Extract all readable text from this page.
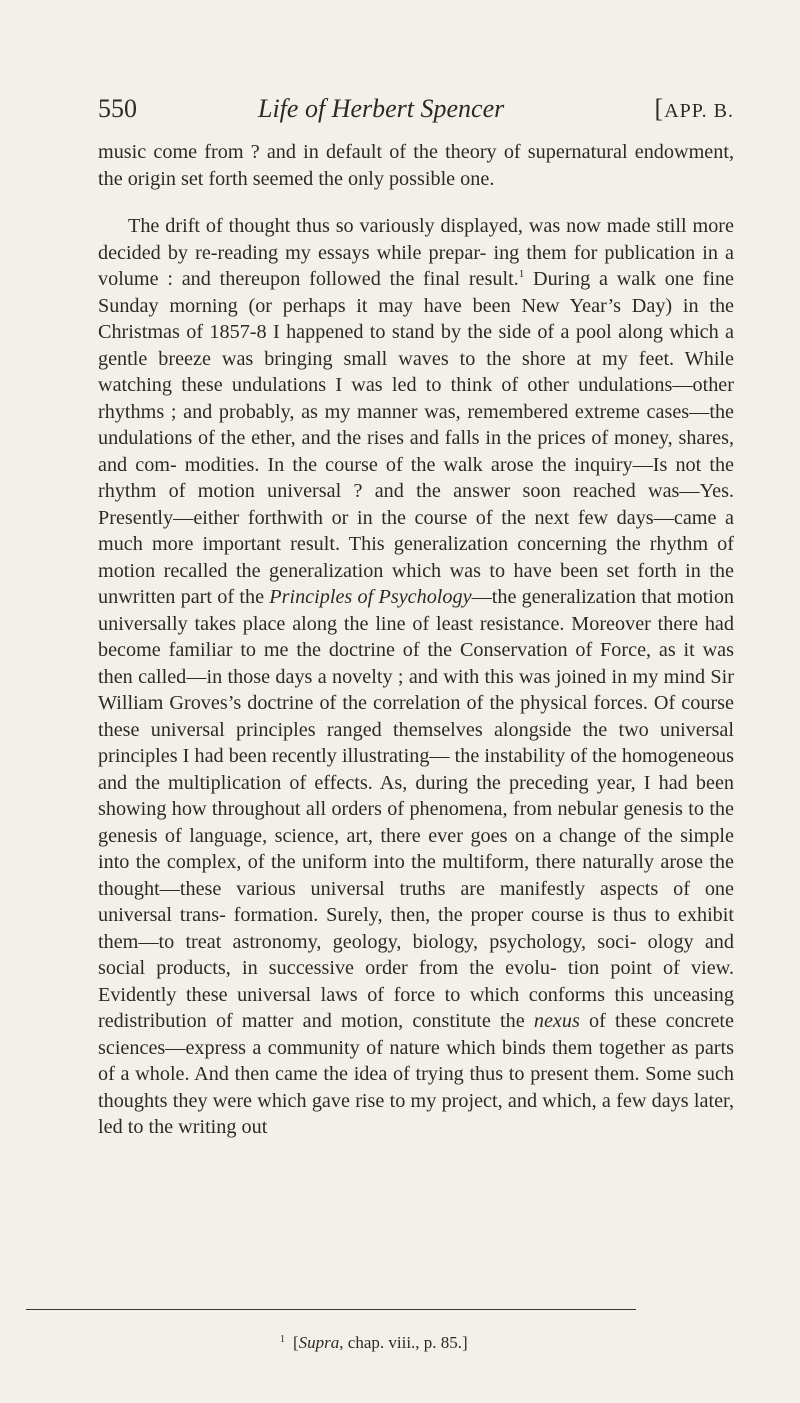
550	Life of Herbert Spencer	[APP. B.

music come from ? and in default of the theory of supernatural endowment, the origin set forth seemed the only possible one.

The drift of thought thus so variously displayed, was now made still more decided by re-reading my essays while prepar- ing them for publication in a volume : and thereupon followed the final result.$^1$ During a walk one fine Sunday morning (or perhaps it may have been New Year’s Day) in the Christmas of 1857-8 I happened to stand by the side of a pool along which a gentle breeze was bringing small waves to the shore at my feet. While watching these undulations I was led to think of other undulations—other rhythms ; and probably, as my manner was, remembered extreme cases—the undulations of the ether, and the rises and falls in the prices of money, shares, and com- modities. In the course of the walk arose the inquiry—Is not the rhythm of motion universal ? and the answer soon reached was—Yes. Presently—either forthwith or in the course of the next few days—came a much more important result. This generalization concerning the rhythm of motion recalled the generalization which was to have been set forth in the unwritten part of the Principles of Psychology—the generalization that motion universally takes place along the line of least resistance. Moreover there had become familiar to me the doctrine of the Conservation of Force, as it was then called—in those days a novelty ; and with this was joined in my mind Sir William Groves’s doctrine of the correlation of the physical forces. Of course these universal principles ranged themselves alongside the two universal principles I had been recently illustrating— the instability of the homogeneous and the multiplication of effects. As, during the preceding year, I had been showing how throughout all orders of phenomena, from nebular genesis to the genesis of language, science, art, there ever goes on a change of the simple into the complex, of the uniform into the multiform, there naturally arose the thought—these various universal truths are manifestly aspects of one universal trans- formation. Surely, then, the proper course is thus to exhibit them—to treat astronomy, geology, biology, psychology, soci- ology and social products, in successive order from the evolu- tion point of view. Evidently these universal laws of force to which conforms this unceasing redistribution of matter and motion, constitute the nexus of these concrete sciences—express a community of nature which binds them together as parts of a whole. And then came the idea of trying thus to present them. Some such thoughts they were which gave rise to my project, and which, a few days later, led to the writing out

$^1$ [Supra, chap. viii., p. 85.]
